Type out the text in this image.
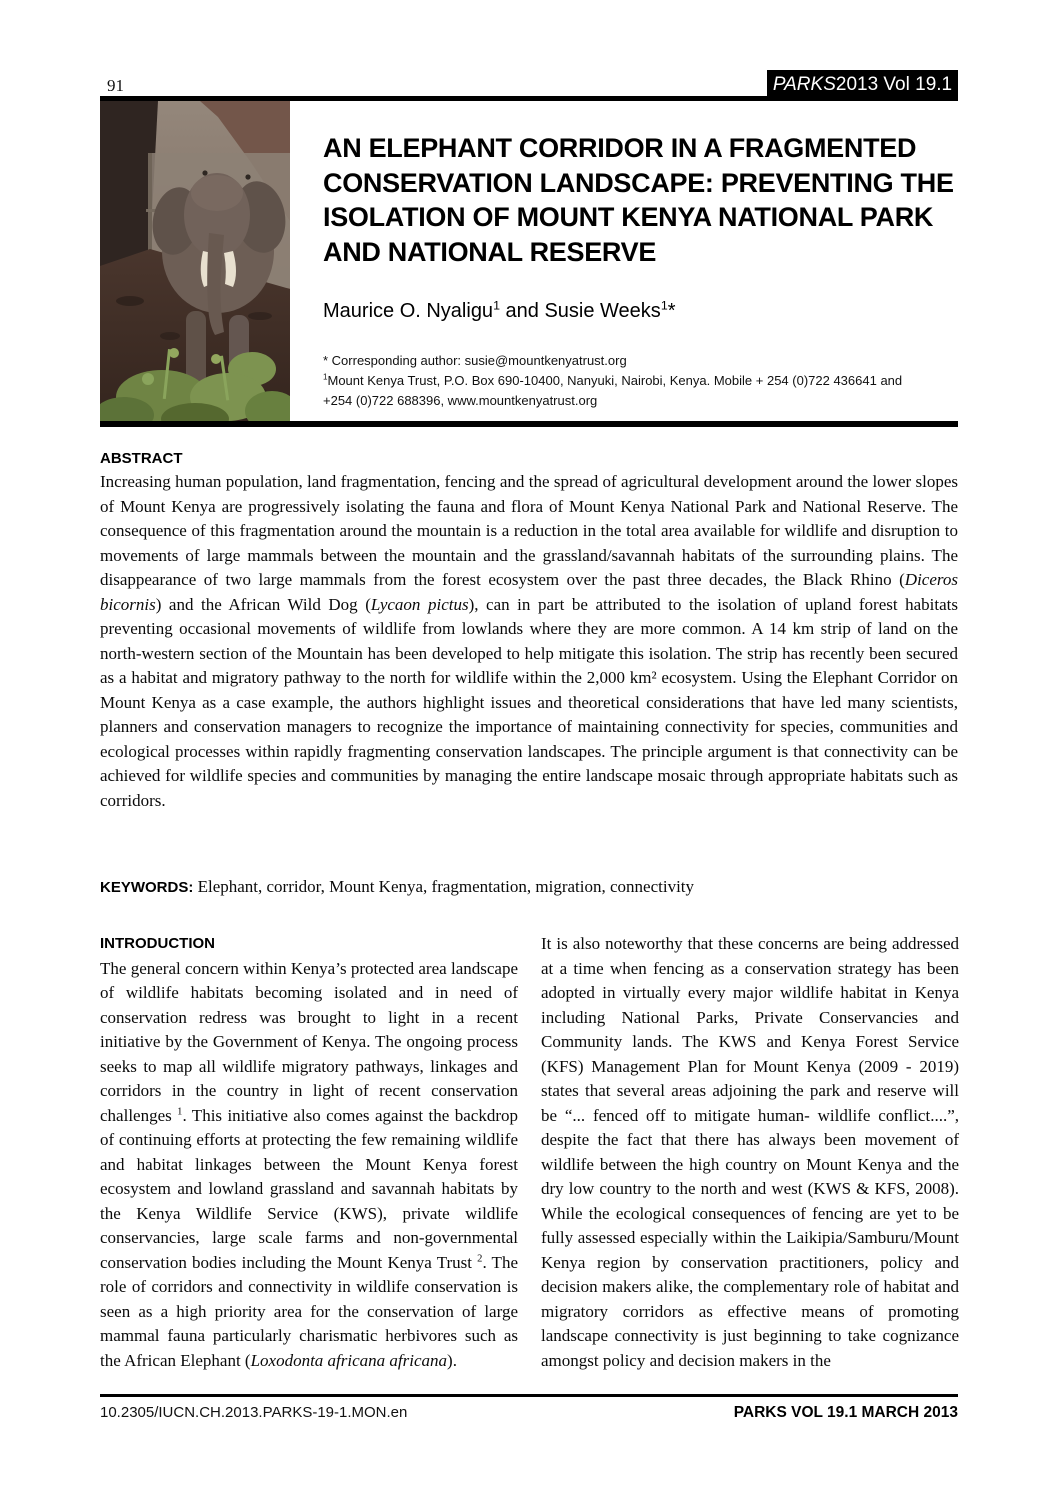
91	PARKS 2013 Vol 19.1
AN ELEPHANT CORRIDOR IN A FRAGMENTED
CONSERVATION LANDSCAPE: PREVENTING THE
ISOLATION OF MOUNT KENYA NATIONAL PARK
AND NATIONAL RESERVE
Maurice O. Nyaligu$^1$ and Susie Weeks$^1$*
* Corresponding author: susie@mountkenyatrust.org
$^1$Mount Kenya Trust, P.O. Box 690-10400, Nanyuki, Nairobi, Kenya. Mobile + 254 (0)722 436641 and +254 (0)722 688396, www.mountkenyatrust.org
ABSTRACT
Increasing human population, land fragmentation, fencing and the spread of agricultural development around the lower slopes of Mount Kenya are progressively isolating the fauna and flora of Mount Kenya National Park and National Reserve. The consequence of this fragmentation around the mountain is a reduction in the total area available for wildlife and disruption to movements of large mammals between the mountain and the grassland/savannah habitats of the surrounding plains. The disappearance of two large mammals from the forest ecosystem over the past three decades, the Black Rhino (Diceros bicornis) and the African Wild Dog (Lycaon pictus), can in part be attributed to the isolation of upland forest habitats preventing occasional movements of wildlife from lowlands where they are more common. A 14 km strip of land on the north-western section of the Mountain has been developed to help mitigate this isolation. The strip has recently been secured as a habitat and migratory pathway to the north for wildlife within the 2,000 km² ecosystem. Using the Elephant Corridor on Mount Kenya as a case example, the authors highlight issues and theoretical considerations that have led many scientists, planners and conservation managers to recognize the importance of maintaining connectivity for species, communities and ecological processes within rapidly fragmenting conservation landscapes. The principle argument is that connectivity can be achieved for wildlife species and communities by managing the entire landscape mosaic through appropriate habitats such as corridors.

KEYWORDS: Elephant, corridor, Mount Kenya, fragmentation, migration, connectivity

INTRODUCTION
The general concern within Kenya’s protected area landscape of wildlife habitats becoming isolated and in need of conservation redress was brought to light in a recent initiative by the Government of Kenya. The ongoing process seeks to map all wildlife migratory pathways, linkages and corridors in the country in light of recent conservation challenges $^1$. This initiative also comes against the backdrop of continuing efforts at protecting the few remaining wildlife and habitat linkages between the Mount Kenya forest ecosystem and lowland grassland and savannah habitats by the Kenya Wildlife Service (KWS), private wildlife conservancies, large scale farms and non-governmental conservation bodies including the Mount Kenya Trust $^2$. The role of corridors and connectivity in wildlife conservation is seen as a high priority area for the conservation of large mammal fauna particularly charismatic herbivores such as the African Elephant (Loxodonta africana africana).
It is also noteworthy that these concerns are being addressed at a time when fencing as a conservation strategy has been adopted in virtually every major wildlife habitat in Kenya including National Parks, Private Conservancies and Community lands. The KWS and Kenya Forest Service (KFS) Management Plan for Mount Kenya (2009 - 2019) states that several areas adjoining the park and reserve will be “... fenced off to mitigate human- wildlife conflict....”, despite the fact that there has always been movement of wildlife between the high country on Mount Kenya and the dry low country to the north and west (KWS & KFS, 2008). While the ecological consequences of fencing are yet to be fully assessed especially within the Laikipia/Samburu/Mount Kenya region by conservation practitioners, policy and decision makers alike, the complementary role of habitat and migratory corridors as effective means of promoting landscape connectivity is just beginning to take cognizance amongst policy and decision makers in the
10.2305/IUCN.CH.2013.PARKS-19-1.MON.en	PARKS VOL 19.1 MARCH 2013
